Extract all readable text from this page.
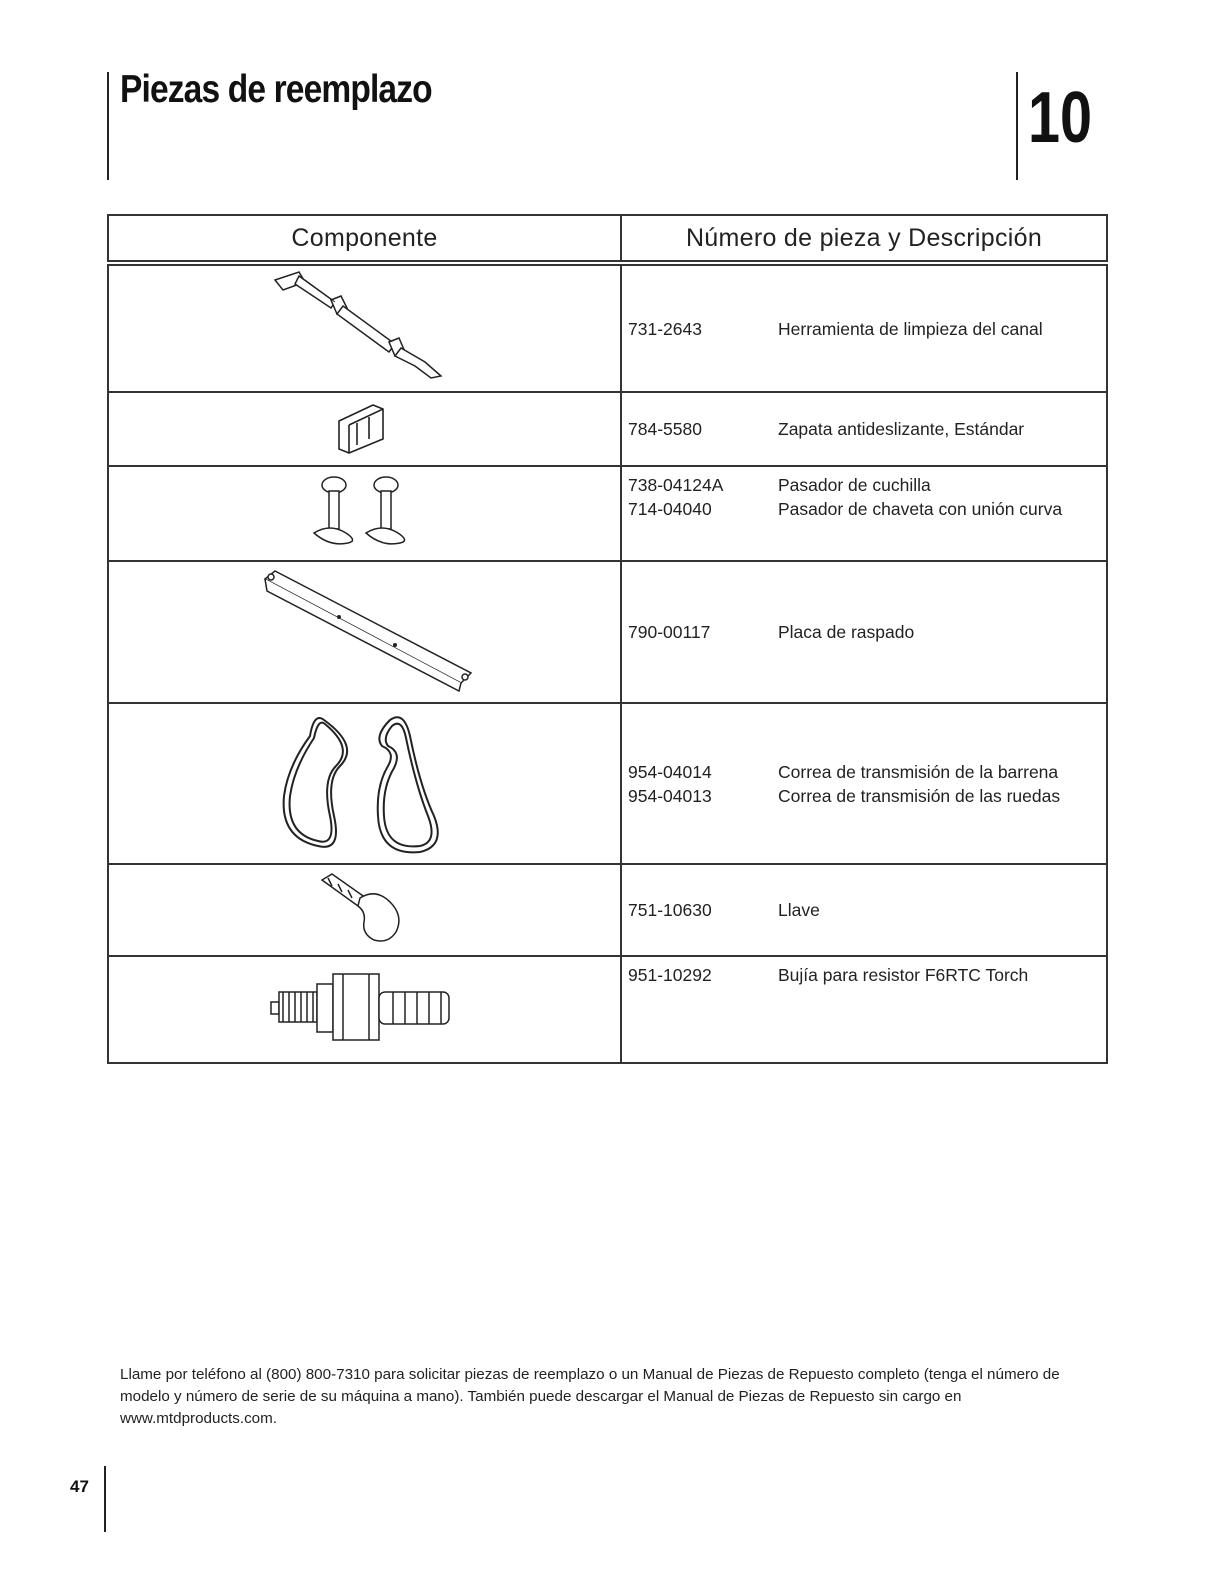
Piezas de reemplazo	10
Componente	Número de pieza y Descripción

731-2643 Herramienta de limpieza del canal

784-5580 Zapata antideslizante, Estándar

738-04124A Pasador de cuchilla
714-04040 Pasador de chaveta con unión curva

790-00117 Placa de raspado

954-04014 Correa de transmisión de la barrena
954-04013 Correa de transmisión de las ruedas

751-10630 Llave

951-10292 Bujía para resistor F6RTC Torch

Llame por teléfono al (800) 800-7310 para solicitar piezas de reemplazo o un Manual de Piezas de Repuesto completo (tenga el número de modelo y número de serie de su máquina a mano). También puede descargar el Manual de Piezas de Repuesto sin cargo en www.mtdproducts.com.

47
